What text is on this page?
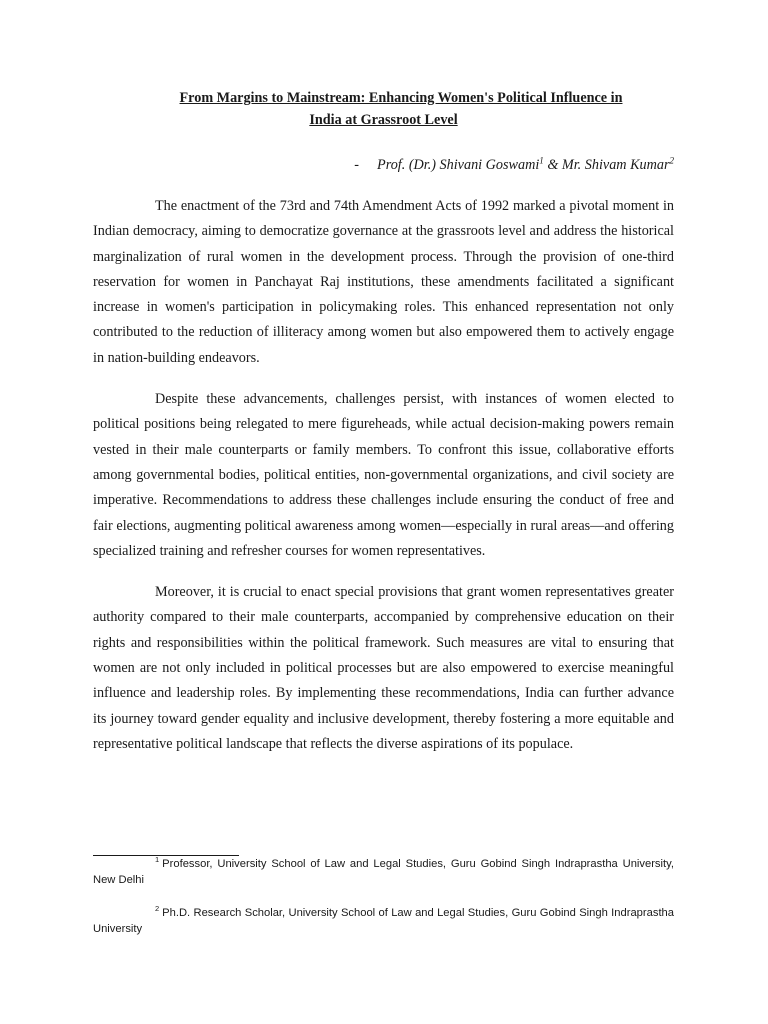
From Margins to Mainstream: Enhancing Women's Political Influence in
India at Grassroot Level
- Prof. (Dr.) Shivani Goswami$^1$ & Mr. Shivam Kumar$^2$

The enactment of the 73rd and 74th Amendment Acts of 1992 marked a pivotal moment in Indian democracy, aiming to democratize governance at the grassroots level and address the historical marginalization of rural women in the development process. Through the provision of one-third reservation for women in Panchayat Raj institutions, these amendments facilitated a significant increase in women's participation in policymaking roles. This enhanced representation not only contributed to the reduction of illiteracy among women but also empowered them to actively engage in nation-building endeavors.

Despite these advancements, challenges persist, with instances of women elected to political positions being relegated to mere figureheads, while actual decision-making powers remain vested in their male counterparts or family members. To confront this issue, collaborative efforts among governmental bodies, political entities, non-governmental organizations, and civil society are imperative. Recommendations to address these challenges include ensuring the conduct of free and fair elections, augmenting political awareness among women—especially in rural areas—and offering specialized training and refresher courses for women representatives.

Moreover, it is crucial to enact special provisions that grant women representatives greater authority compared to their male counterparts, accompanied by comprehensive education on their rights and responsibilities within the political framework. Such measures are vital to ensuring that women are not only included in political processes but are also empowered to exercise meaningful influence and leadership roles. By implementing these recommendations, India can further advance its journey toward gender equality and inclusive development, thereby fostering a more equitable and representative political landscape that reflects the diverse aspirations of its populace.

$^1$ Professor, University School of Law and Legal Studies, Guru Gobind Singh Indraprastha University, New Delhi

$^2$ Ph.D. Research Scholar, University School of Law and Legal Studies, Guru Gobind Singh Indraprastha University
